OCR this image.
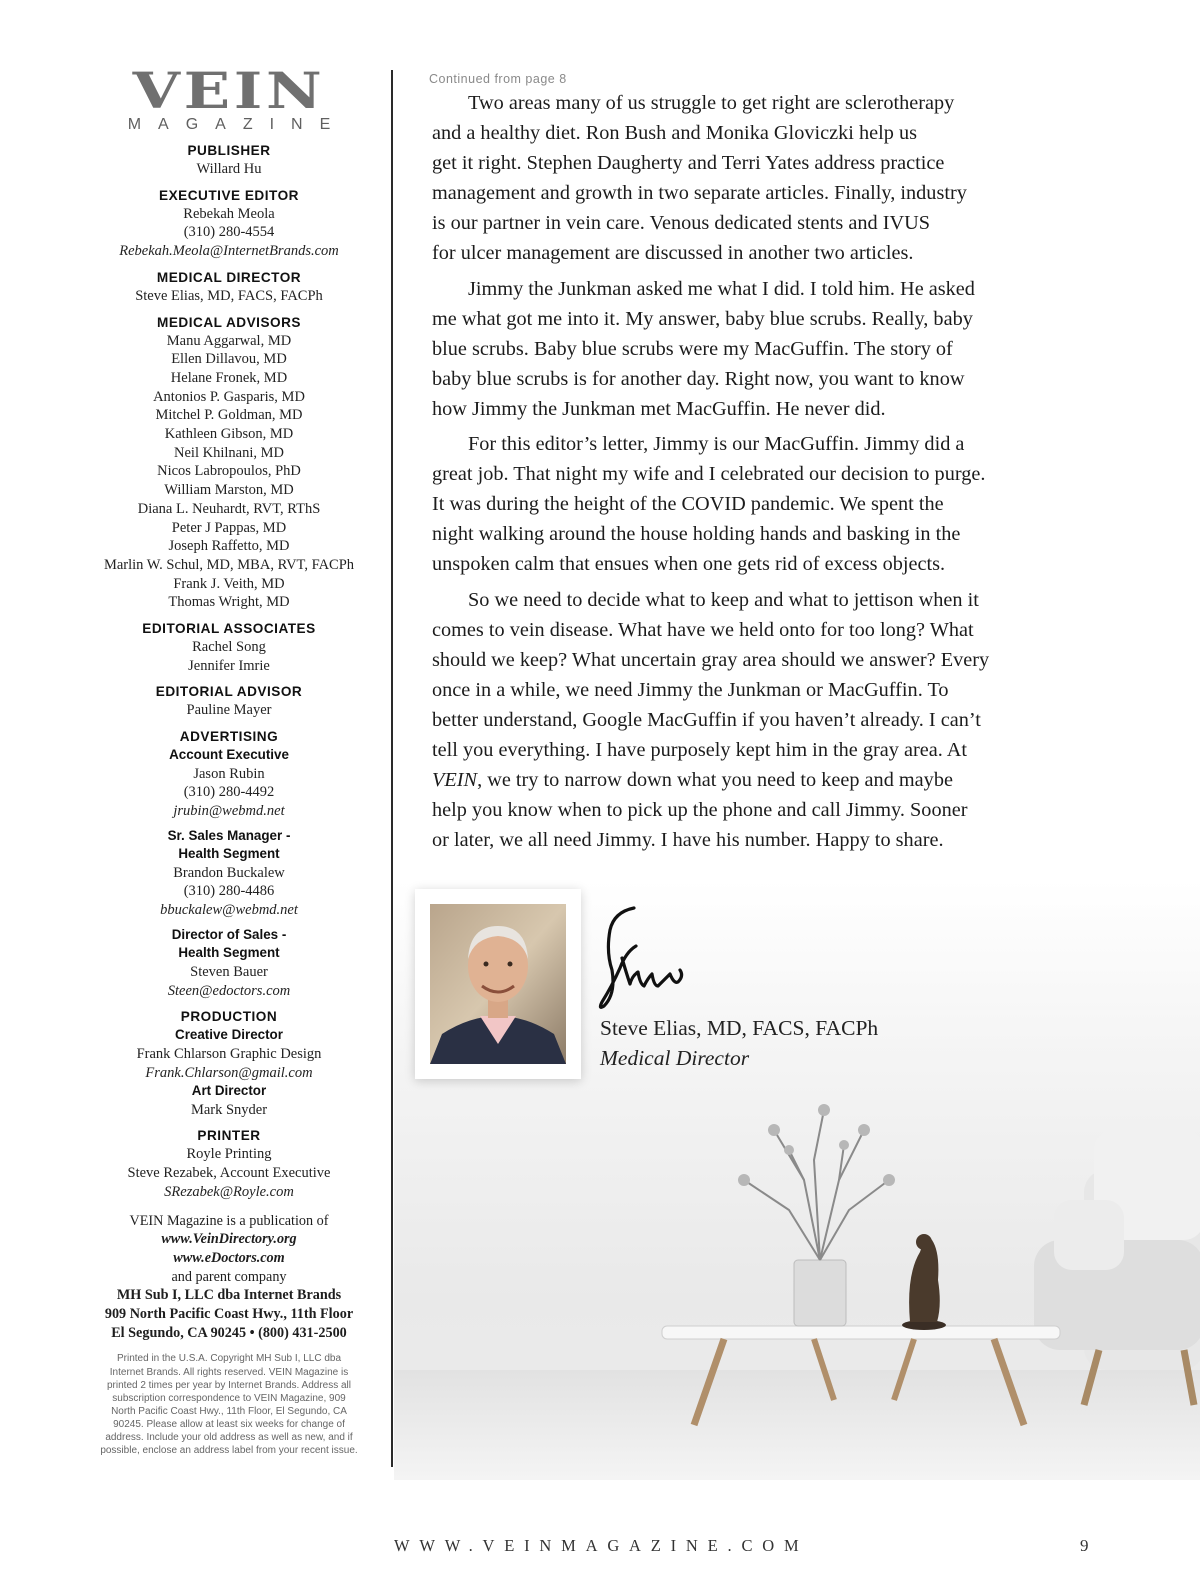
VEIN
MAGAZINE
PUBLISHER
Willard Hu
EXECUTIVE EDITOR
Rebekah Meola
(310) 280-4554
Rebekah.Meola@InternetBrands.com
MEDICAL DIRECTOR
Steve Elias, MD, FACS, FACPh
MEDICAL ADVISORS
Manu Aggarwal, MD
Ellen Dillavou, MD
Helane Fronek, MD
Antonios P. Gasparis, MD
Mitchel P. Goldman, MD
Kathleen Gibson, MD
Neil Khilnani, MD
Nicos Labropoulos, PhD
William Marston, MD
Diana L. Neuhardt, RVT, RThS
Peter J Pappas, MD
Joseph Raffetto, MD
Marlin W. Schul, MD, MBA, RVT, FACPh
Frank J. Veith, MD
Thomas Wright, MD
EDITORIAL ASSOCIATES
Rachel Song
Jennifer Imrie
EDITORIAL ADVISOR
Pauline Mayer
ADVERTISING
Account Executive
Jason Rubin
(310) 280-4492
jrubin@webmd.net
Sr. Sales Manager -
Health Segment
Brandon Buckalew
(310) 280-4486
bbuckalew@webmd.net
Director of Sales -
Health Segment
Steven Bauer
Steen@edoctors.com
PRODUCTION
Creative Director
Frank Chlarson Graphic Design
Frank.Chlarson@gmail.com
Art Director
Mark Snyder
PRINTER
Royle Printing
Steve Rezabek, Account Executive
SRezabek@Royle.com
VEIN Magazine is a publication of
www.VeinDirectory.org
www.eDoctors.com
and parent company
MH Sub I, LLC dba Internet Brands
909 North Pacific Coast Hwy., 11th Floor
El Segundo, CA 90245 • (800) 431-2500
Printed in the U.S.A. Copyright MH Sub I, LLC dba Internet Brands. All rights reserved. VEIN Magazine is printed 2 times per year by Internet Brands. Address all subscription correspondence to VEIN Magazine, 909 North Pacific Coast Hwy., 11th Floor, El Segundo, CA 90245. Please allow at least six weeks for change of address. Include your old address as well as new, and if possible, enclose an address label from your recent issue.
Continued from page 8
Two areas many of us struggle to get right are sclerotherapy
and a healthy diet. Ron Bush and Monika Gloviczki help us
get it right. Stephen Daugherty and Terri Yates address practice
management and growth in two separate articles. Finally, industry
is our partner in vein care. Venous dedicated stents and IVUS
for ulcer management are discussed in another two articles.
Jimmy the Junkman asked me what I did. I told him. He asked
me what got me into it. My answer, baby blue scrubs. Really, baby
blue scrubs. Baby blue scrubs were my MacGuffin. The story of
baby blue scrubs is for another day. Right now, you want to know
how Jimmy the Junkman met MacGuffin. He never did.
For this editor’s letter, Jimmy is our MacGuffin. Jimmy did a
great job. That night my wife and I celebrated our decision to purge.
It was during the height of the COVID pandemic. We spent the
night walking around the house holding hands and basking in the
unspoken calm that ensues when one gets rid of excess objects.
So we need to decide what to keep and what to jettison when it
comes to vein disease. What have we held onto for too long? What
should we keep? What uncertain gray area should we answer? Every
once in a while, we need Jimmy the Junkman or MacGuffin. To
better understand, Google MacGuffin if you haven’t already. I can’t
tell you everything. I have purposely kept him in the gray area. At
VEIN, we try to narrow down what you need to keep and maybe
help you know when to pick up the phone and call Jimmy. Sooner
or later, we all need Jimmy. I have his number. Happy to share.
Steve Elias, MD, FACS, FACPh
Medical Director
WWW.VEINMAGAZINE.COM	9
